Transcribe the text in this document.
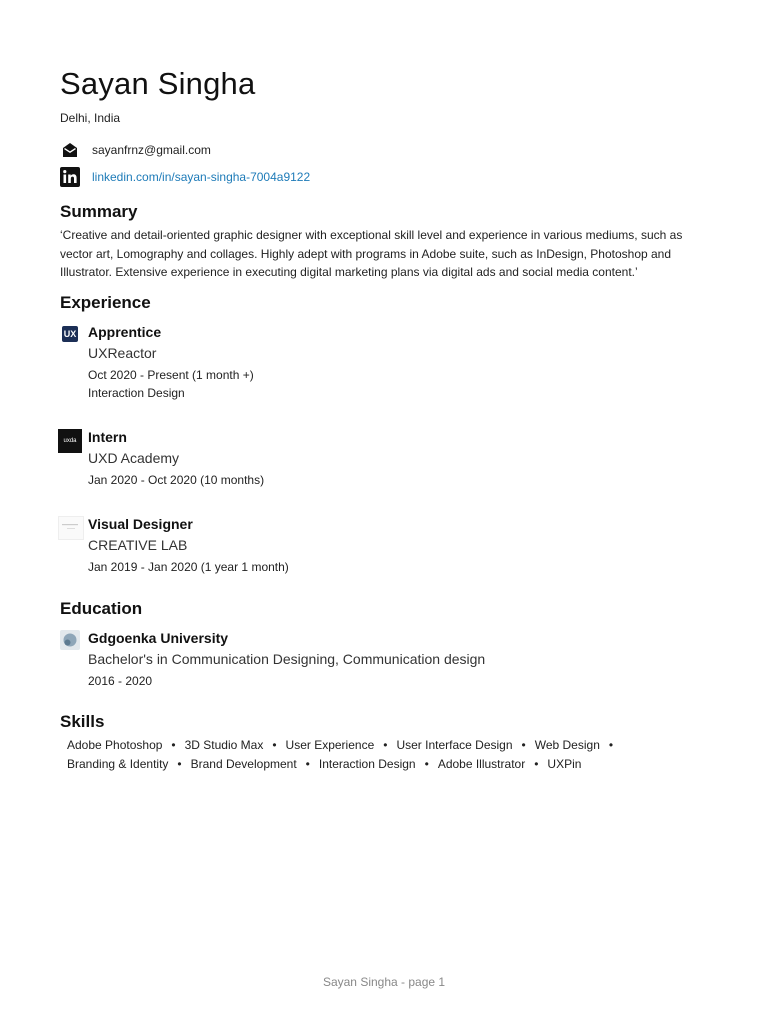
Sayan Singha
Delhi, India
sayanfrnz@gmail.com
linkedin.com/in/sayan-singha-7004a9122
Summary
‘Creative and detail-oriented graphic designer with exceptional skill level and experience in various mediums, such as vector art, Lomography and collages. Highly adept with programs in Adobe suite, such as InDesign, Photoshop and Illustrator. Extensive experience in executing digital marketing plans via digital ads and social media content.’
Experience
UX Apprentice
UXReactor
Oct 2020 - Present (1 month +)
Interaction Design
uxda Intern
UXD Academy
Jan 2020 - Oct 2020 (10 months)
Visual Designer
CREATIVE LAB
Jan 2019 - Jan 2020 (1 year 1 month)
Education
Gdgoenka University
Bachelor's in Communication Designing, Communication design
2016 - 2020
Skills
Adobe Photoshop • 3D Studio Max • User Experience • User Interface Design • Web Design •
Branding & Identity • Brand Development • Interaction Design • Adobe Illustrator • UXPin
Sayan Singha - page 1
